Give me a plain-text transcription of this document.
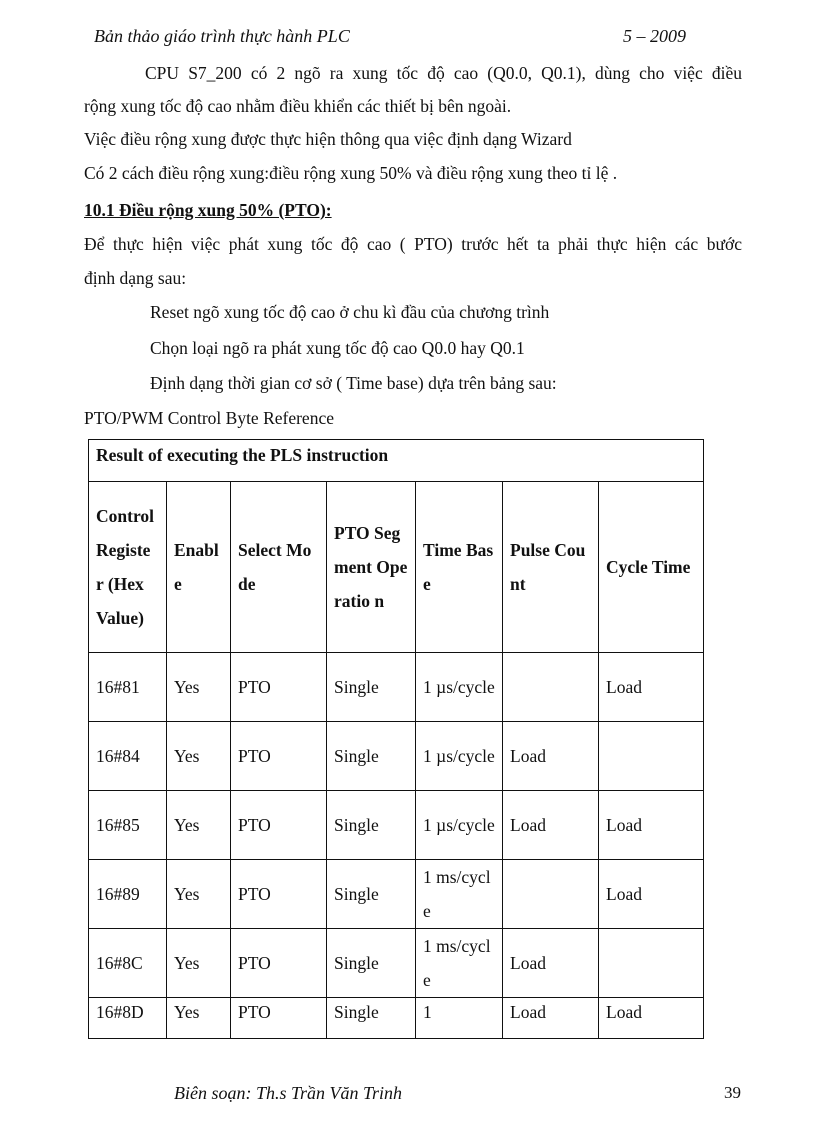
Bản thảo giáo trình thực hành PLC	5 – 2009
CPU S7_200 có 2 ngõ ra xung tốc độ cao (Q0.0, Q0.1), dùng cho việc điều
rộng xung tốc độ cao nhằm điều khiển các thiết bị bên ngoài.
Việc điều rộng xung được thực hiện thông qua việc định dạng Wizard
Có 2 cách điều rộng xung:điều rộng xung 50% và điều rộng xung theo tỉ lệ .
10.1 Điều rộng xung 50% (PTO):
Để thực hiện việc phát xung tốc độ cao ( PTO) trước hết ta phải thực hiện các bước
định dạng sau:
Reset ngõ xung tốc độ cao ở chu kì đầu của chương trình
Chọn loại ngõ ra phát xung tốc độ cao Q0.0 hay Q0.1
Định dạng thời gian cơ sở ( Time base) dựa trên bảng sau:
PTO/PWM Control Byte Reference
Result of executing the PLS instruction						
Control Registe r (Hex Value)	Enabl e	Select Mode	PTO Segment Operatio n	Time Base	Pulse Count	Cycle Time
16#81	Yes	PTO	Single	1 µs/cycle		Load
16#84	Yes	PTO	Single	1 µs/cycle	Load	
16#85	Yes	PTO	Single	1 µs/cycle	Load	Load
16#89	Yes	PTO	Single	1 ms/cycle		Load
16#8C	Yes	PTO	Single	1 ms/cycle	Load	
16#8D	Yes	PTO	Single	1	Load	Load
Biên soạn: Th.s Trần Văn Trinh	39
